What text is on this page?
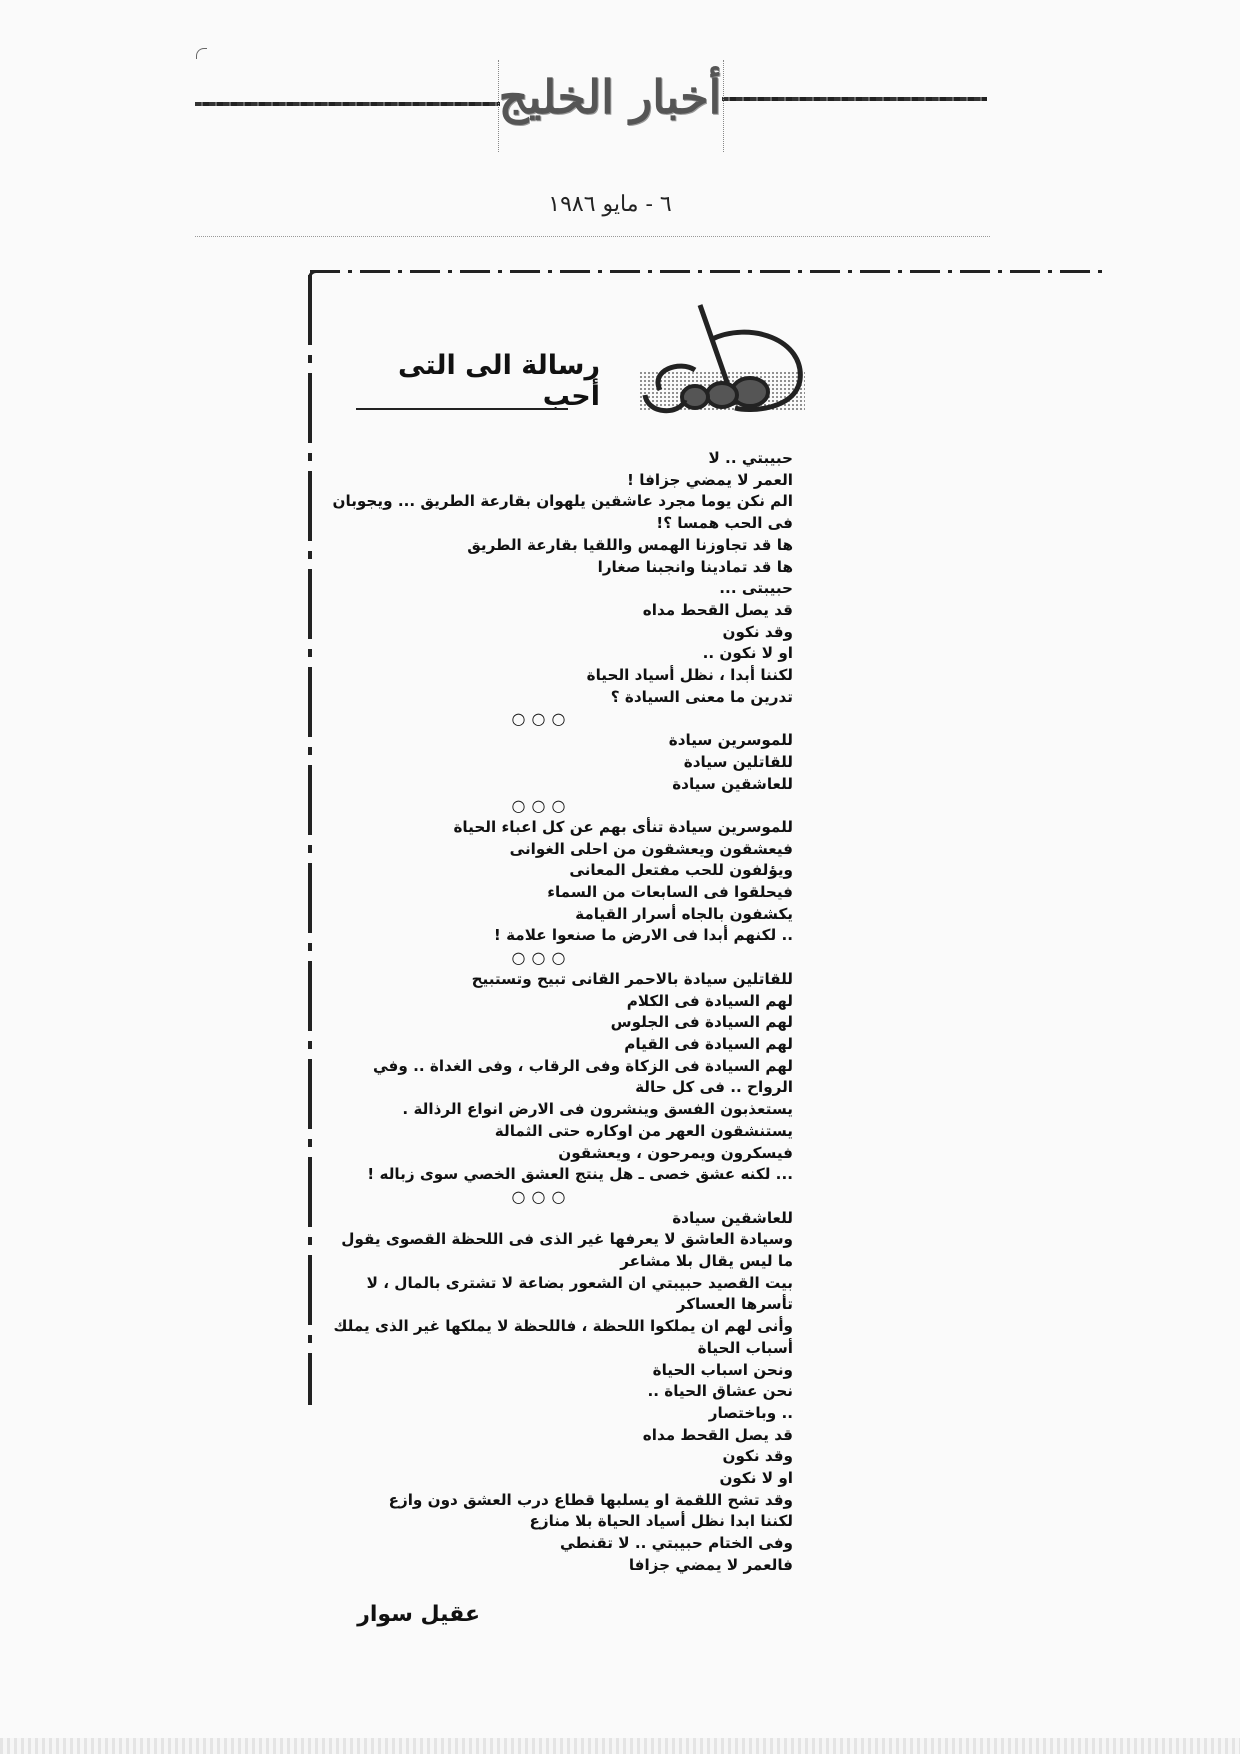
أخبار الخليج
٦ - مايو ١٩٨٦
رسالة الى التى أحب
حبيبتي .. لا
العمر لا يمضي جزافا !
الم نكن يوما مجرد عاشقين يلهوان بقارعة الطريق ... ويجوبان فى الحب همسا ؟!
ها قد تجاوزنا الهمس واللقيا بقارعة الطريق
ها قد تمادينا وانجبنا صغارا
حبيبتى ...
قد يصل القحط مداه
وقد نكون
او لا نكون ..
لكننا أبدا ، نظل أسياد الحياة
تدرين ما معنى السيادة ؟
○○○
للموسرين سيادة
للقاتلين سيادة
للعاشقين سيادة
○○○
للموسرين سيادة تنأى بهم عن كل اعباء الحياة
فيعشقون ويعشقون من احلى الغوانى
ويؤلفون للحب مفتعل المعانى
فيحلقوا فى السابعات من السماء
يكشفون بالجاه أسرار القيامة
.. لكنهم أبدا فى الارض ما صنعوا علامة !
○○○
للقاتلين سيادة بالاحمر القانى تبيح وتستبيح
لهم السيادة فى الكلام
لهم السيادة فى الجلوس
لهم السيادة فى القيام
لهم السيادة فى الزكاة وفى الرقاب ، وفى الغداة .. وفي الرواح .. فى كل حالة
يستعذبون الفسق وينشرون فى الارض انواع الرذالة .
يستنشقون العهر من اوكاره حتى الثمالة
فيسكرون ويمرحون ، ويعشقون
... لكنه عشق خصى ـ هل ينتج العشق الخصي سوى زباله !
○○○
للعاشقين سيادة
وسيادة العاشق لا يعرفها غير الذى فى اللحظة القصوى يقول ما ليس يقال بلا مشاعر
بيت القصيد حبيبتي ان الشعور بضاعة لا تشترى بالمال ، لا تأسرها العساكر
وأنى لهم ان يملكوا اللحظة ، فاللحظة لا يملكها غير الذى يملك أسباب الحياة
ونحن اسباب الحياة
نحن عشاق الحياة ..
.. وباختصار
قد يصل القحط مداه
وقد نكون
او لا نكون
وقد تشح اللقمة او يسلبها قطاع درب العشق دون وازع
لكننا ابدا نظل أسياد الحياة بلا منازع
وفى الختام حبيبتي .. لا تقنطي
فالعمر لا يمضي جزافا
عقيل سوار
